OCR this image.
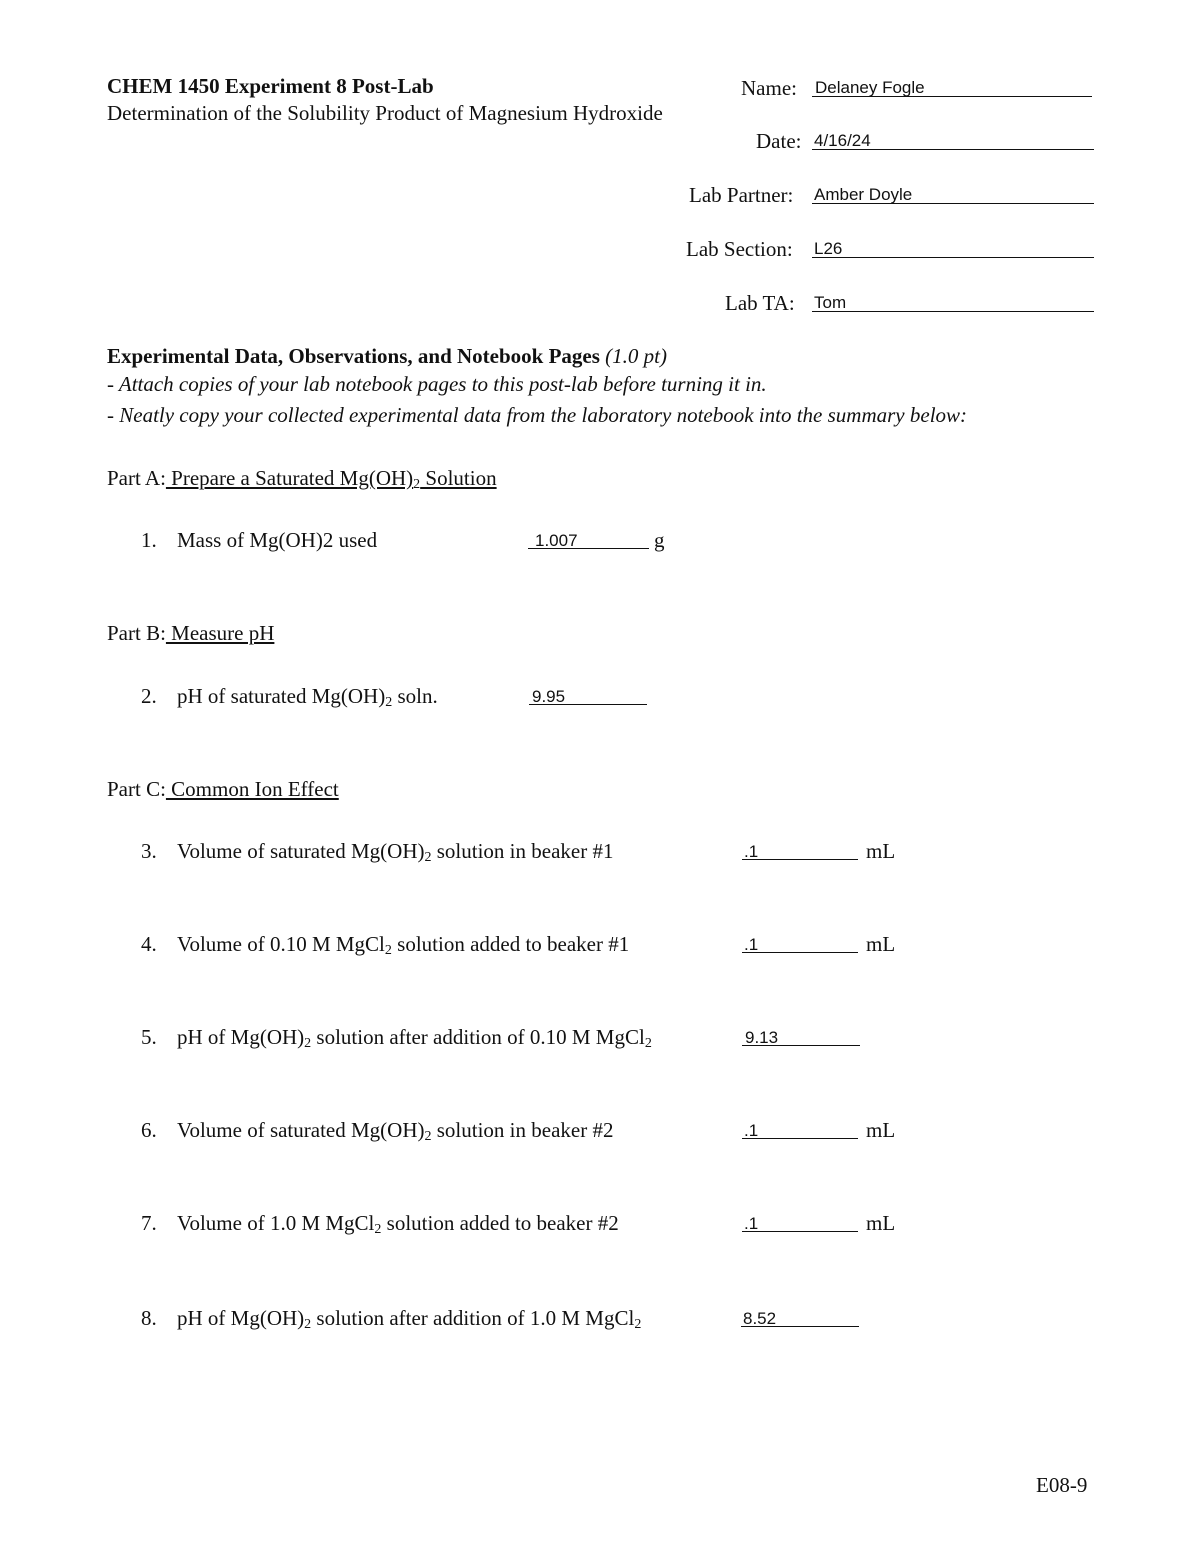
CHEM 1450 Experiment 8 Post-Lab
Determination of the Solubility Product of Magnesium Hydroxide
Name: Delaney Fogle
Date: 4/16/24
Lab Partner: Amber Doyle
Lab Section: L26
Lab TA: Tom
Experimental Data, Observations, and Notebook Pages (1.0 pt)
- Attach copies of your lab notebook pages to this post-lab before turning it in.
- Neatly copy your collected experimental data from the laboratory notebook into the summary below:
Part A: Prepare a Saturated $Mg(OH)_2$ Solution
1. Mass of Mg(OH)2 used	1.007	g
Part B: Measure pH
2. pH of saturated $Mg(OH)_2$ soln.	9.95
Part C: Common Ion Effect
3. Volume of saturated $Mg(OH)_2$ solution in beaker #1	.1	mL
4. Volume of 0.10 M MgCl$_2$ solution added to beaker #1	.1	mL
5. pH of $Mg(OH)_2$ solution after addition of 0.10 M MgCl$_2$	9.13
6. Volume of saturated $Mg(OH)_2$ solution in beaker #2	.1	mL
7. Volume of 1.0 M MgCl$_2$ solution added to beaker #2	.1	mL
8. pH of $Mg(OH)_2$ solution after addition of 1.0 M MgCl$_2$	8.52
E08-9
